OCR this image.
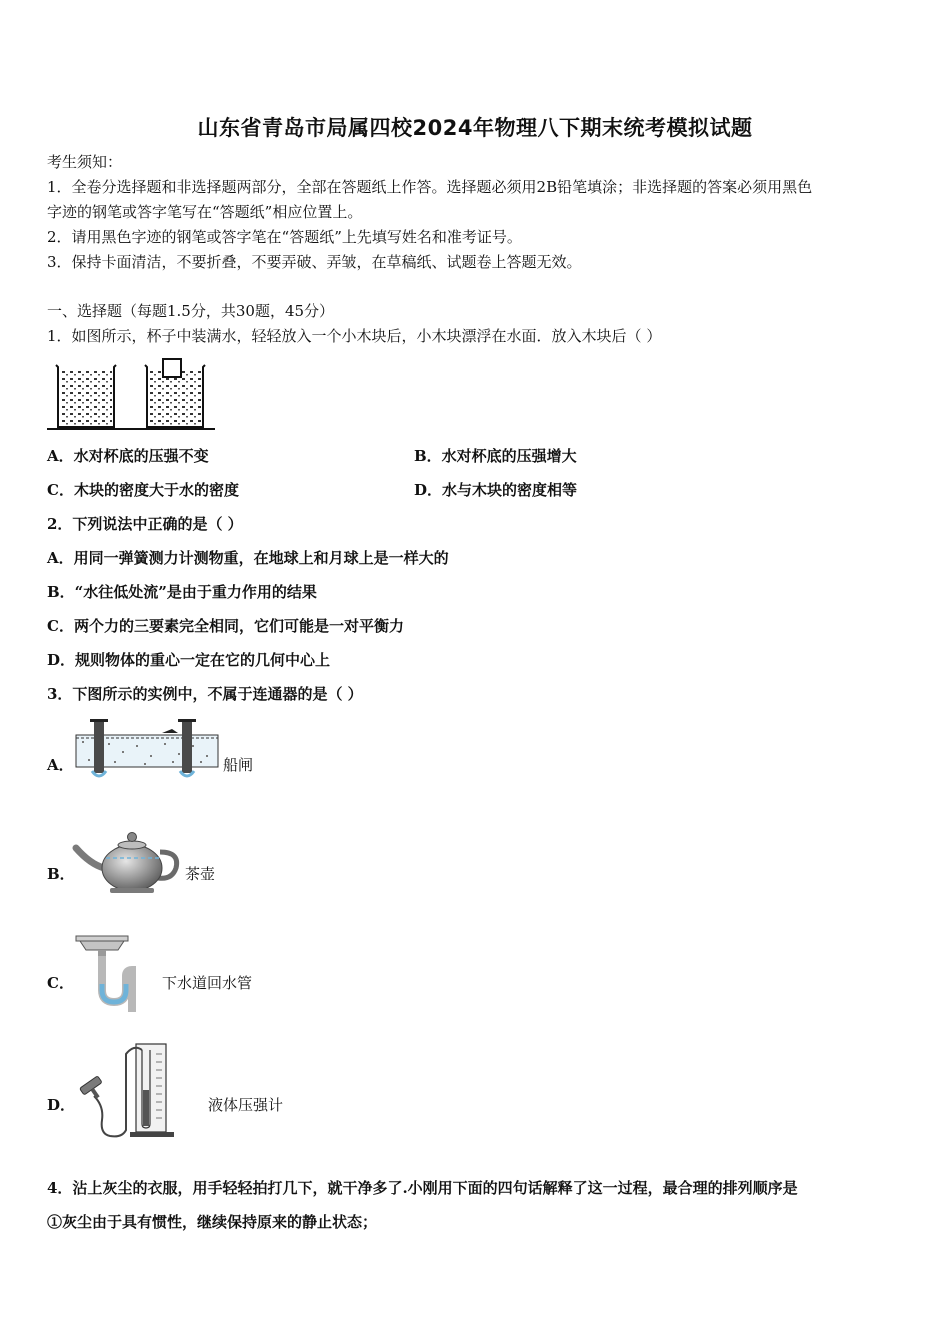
山东省青岛市局属四校2024年物理八下期末统考模拟试题
考生须知：
1．全卷分选择题和非选择题两部分，全部在答题纸上作答。选择题必须用2B铅笔填涂；非选择题的答案必须用黑色
字迹的钢笔或答字笔写在“答题纸”相应位置上。
2．请用黑色字迹的钢笔或答字笔在“答题纸”上先填写姓名和准考证号。
3．保持卡面清洁，不要折叠，不要弄破、弄皱，在草稿纸、试题卷上答题无效。
一、选择题（每题1.5分，共30题，45分）
1．如图所示，杯子中装满水，轻轻放入一个小木块后，小木块漂浮在水面．放入木块后（ ）
A．水对杯底的压强不变	B．水对杯底的压强增大
C．木块的密度大于水的密度	D．水与木块的密度相等
2．下列说法中正确的是（ ）
A．用同一弹簧测力计测物重，在地球上和月球上是一样大的
B．“水往低处流”是由于重力作用的结果
C．两个力的三要素完全相同，它们可能是一对平衡力
D．规则物体的重心一定在它的几何中心上
3．下图所示的实例中，不属于连通器的是（ ）
A．	船闸
B．	茶壶
C．	下水道回水管
D．	液体压强计
4．沾上灰尘的衣服，用手轻轻拍打几下，就干净多了.小刚用下面的四句话解释了这一过程，最合理的排列顺序是
①灰尘由于具有惯性，继续保持原来的静止状态；
